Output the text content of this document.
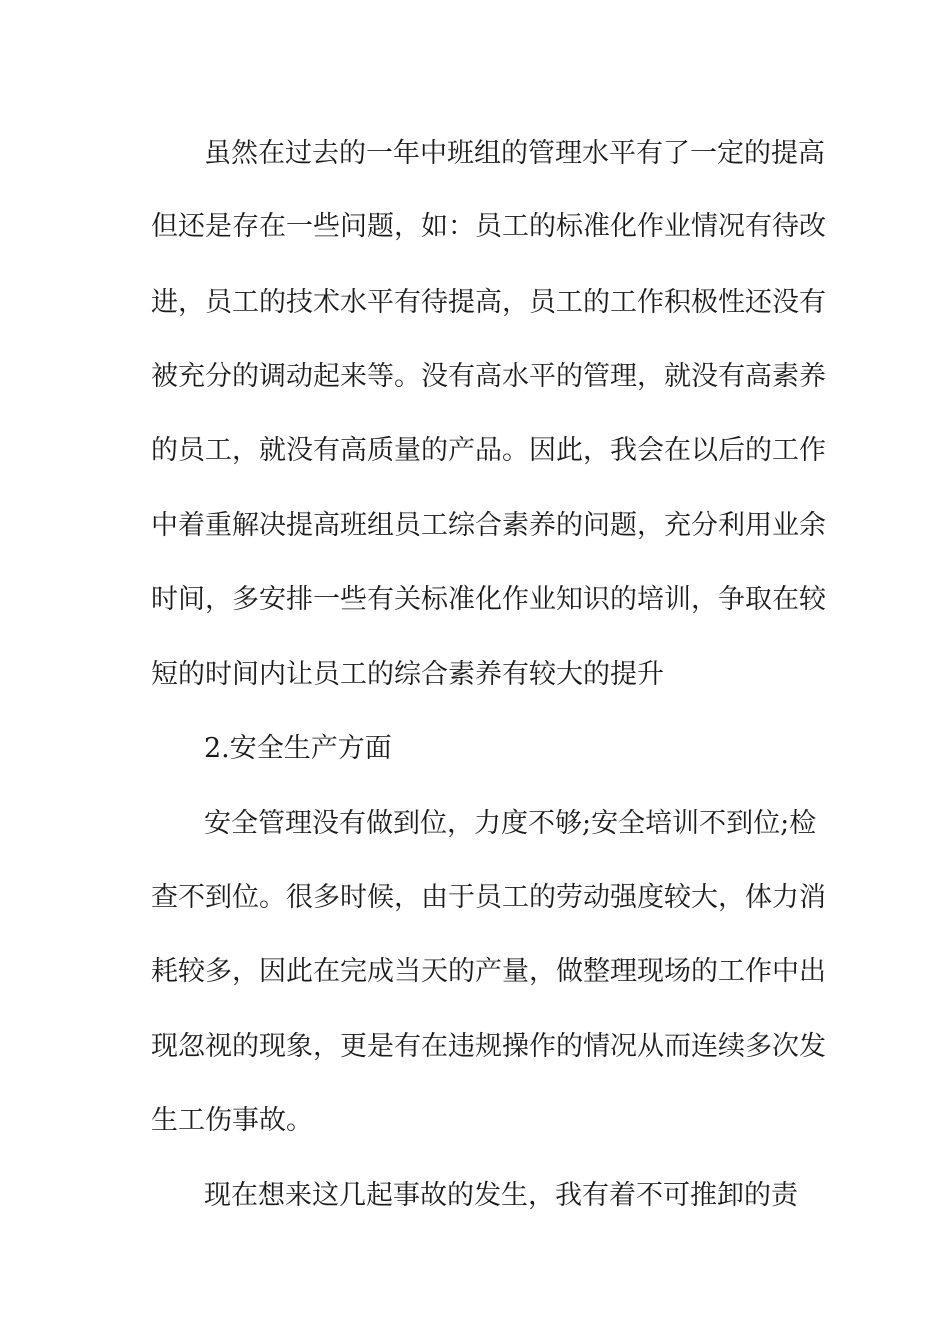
虽然在过去的一年中班组的管理水平有了一定的提高
但还是存在一些问题，如：员工的标准化作业情况有待改
进，员工的技术水平有待提高，员工的工作积极性还没有
被充分的调动起来等。没有高水平的管理，就没有高素养
的员工，就没有高质量的产品。因此，我会在以后的工作
中着重解决提高班组员工综合素养的问题，充分利用业余
时间，多安排一些有关标准化作业知识的培训，争取在较
短的时间内让员工的综合素养有较大的提升
2.安全生产方面
安全管理没有做到位，力度不够;安全培训不到位;检
查不到位。很多时候，由于员工的劳动强度较大，体力消
耗较多，因此在完成当天的产量，做整理现场的工作中出
现忽视的现象，更是有在违规操作的情况从而连续多次发
生工伤事故。
现在想来这几起事故的发生，我有着不可推卸的责
